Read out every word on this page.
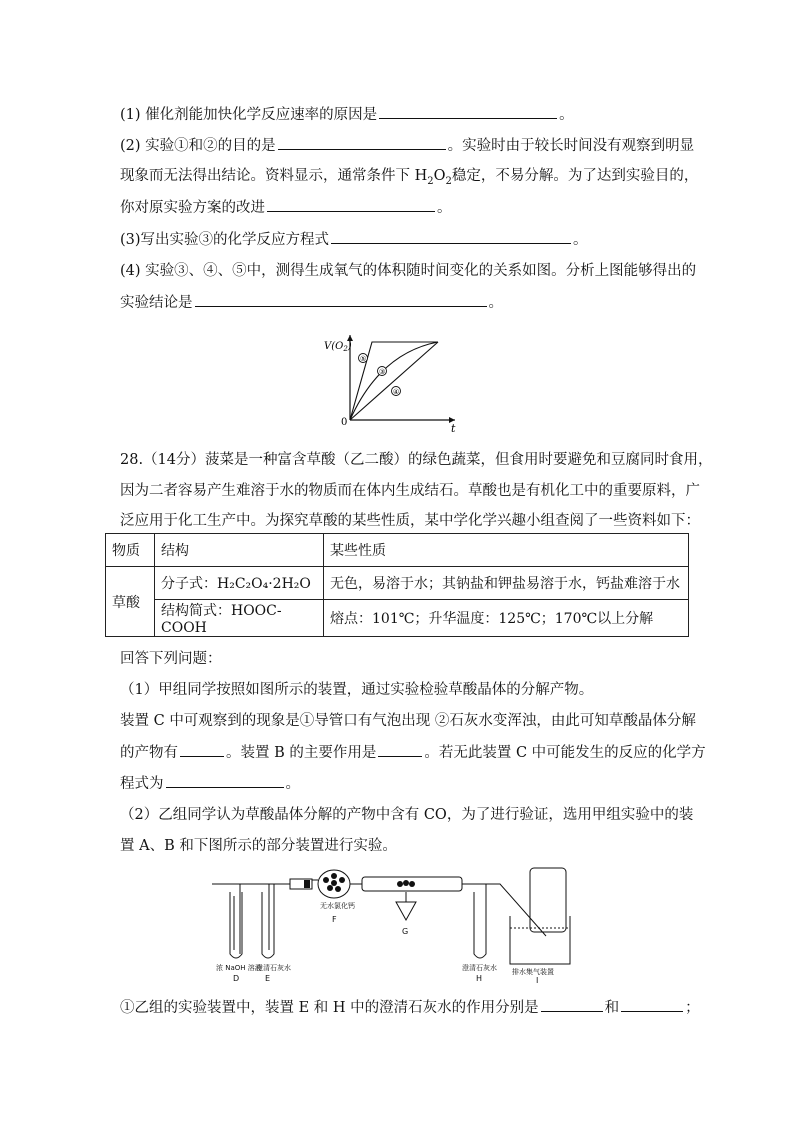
(1) 催化剂能加快化学反应速率的原因是	。
(2) 实验①和②的目的是	。实验时由于较长时间没有观察到明显
现象而无法得出结论。资料显示，通常条件下 $H_2O_2$稳定，不易分解。为了达到实验目的，
你对原实验方案的改进	。
(3)写出实验③的化学反应方程式	。
(4) 实验③、④、⑤中，测得生成氧气的体积随时间变化的关系如图。分析上图能够得出的
实验结论是	。
$V(O_2)$
t
0
⑤
③
④
28.（14分）菠菜是一种富含草酸（乙二酸）的绿色蔬菜，但食用时要避免和豆腐同时食用，
因为二者容易产生难溶于水的物质而在体内生成结石。草酸也是有机化工中的重要原料，广
泛应用于化工生产中。为探究草酸的某些性质，某中学化学兴趣小组查阅了一些资料如下：
物质	结构	某些性质
草酸	分子式：H₂C₂O₄·2H₂O	无色，易溶于水；其钠盐和钾盐易溶于水，钙盐难溶于水
	结构简式：HOOC-COOH	熔点：101℃；升华温度：125℃；170℃以上分解
回答下列问题：
（1）甲组同学按照如图所示的装置，通过实验检验草酸晶体的分解产物。
装置 C 中可观察到的现象是①导管口有气泡出现 ②石灰水变浑浊，由此可知草酸晶体分解
的产物有	。装置 B 的主要作用是	。若无此装置 C 中可能发生的反应的化学方
程式为	。
（2）乙组同学认为草酸晶体分解的产物中含有 CO，为了进行验证，选用甲组实验中的装
置 A、B 和下图所示的部分装置进行实验。
无水氯化钙
F
G
浓 NaOH 溶液
D
澄清石灰水
E
澄清石灰水
H
排水集气装置
I
①乙组的实验装置中，装置 E 和 H 中的澄清石灰水的作用分别是	和	；
